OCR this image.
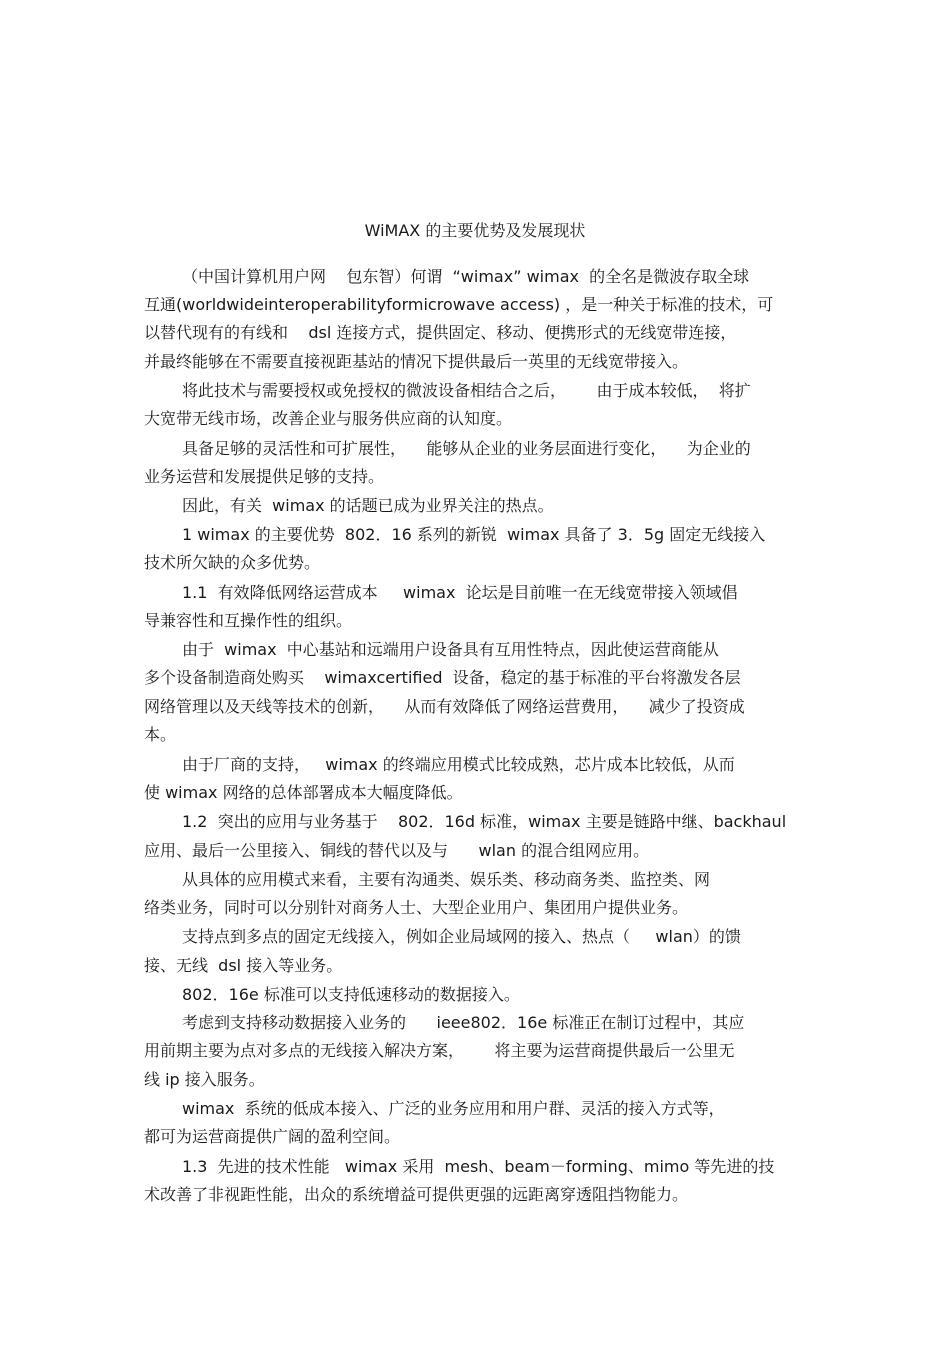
WiMAX 的主要优势及发展现状
（中国计算机用户网    包东智）何谓  “wimax” wimax  的全名是微波存取全球
互通(worldwideinteroperabilityformicrowave access) ，是一种关于标准的技术，可
以替代现有的有线和    dsl 连接方式，提供固定、移动、便携形式的无线宽带连接，
并最终能够在不需要直接视距基站的情况下提供最后一英里的无线宽带接入。
将此技术与需要授权或免授权的微波设备相结合之后，      由于成本较低，  将扩
大宽带无线市场，改善企业与服务供应商的认知度。
具备足够的灵活性和可扩展性，    能够从企业的业务层面进行变化，    为企业的
业务运营和发展提供足够的支持。
因此，有关  wimax 的话题已成为业界关注的热点。
1 wimax 的主要优势  802．16 系列的新锐  wimax 具备了 3．5g 固定无线接入
技术所欠缺的众多优势。
1.1  有效降低网络运营成本     wimax  论坛是目前唯一在无线宽带接入领域倡
导兼容性和互操作性的组织。
由于  wimax  中心基站和远端用户设备具有互用性特点，因此使运营商能从
多个设备制造商处购买    wimaxcertified  设备，稳定的基于标准的平台将激发各层
网络管理以及天线等技术的创新，    从而有效降低了网络运营费用，    减少了投资成
本。
由于厂商的支持，   wimax 的终端应用模式比较成熟，芯片成本比较低，从而
使 wimax 网络的总体部署成本大幅度降低。
1.2  突出的应用与业务基于    802．16d 标准，wimax 主要是链路中继、backhaul
应用、最后一公里接入、铜线的替代以及与      wlan 的混合组网应用。
从具体的应用模式来看，主要有沟通类、娱乐类、移动商务类、监控类、网
络类业务，同时可以分别针对商务人士、大型企业用户、集团用户提供业务。
支持点到多点的固定无线接入，例如企业局域网的接入、热点（     wlan）的馈
接、无线  dsl 接入等业务。
802．16e 标准可以支持低速移动的数据接入。
考虑到支持移动数据接入业务的      ieee802．16e 标准正在制订过程中，其应
用前期主要为点对多点的无线接入解决方案，      将主要为运营商提供最后一公里无
线 ip 接入服务。
wimax  系统的低成本接入、广泛的业务应用和用户群、灵活的接入方式等，
都可为运营商提供广阔的盈利空间。
1.3  先进的技术性能   wimax 采用  mesh、beam－forming、mimo 等先进的技
术改善了非视距性能，出众的系统增益可提供更强的远距离穿透阻挡物能力。
